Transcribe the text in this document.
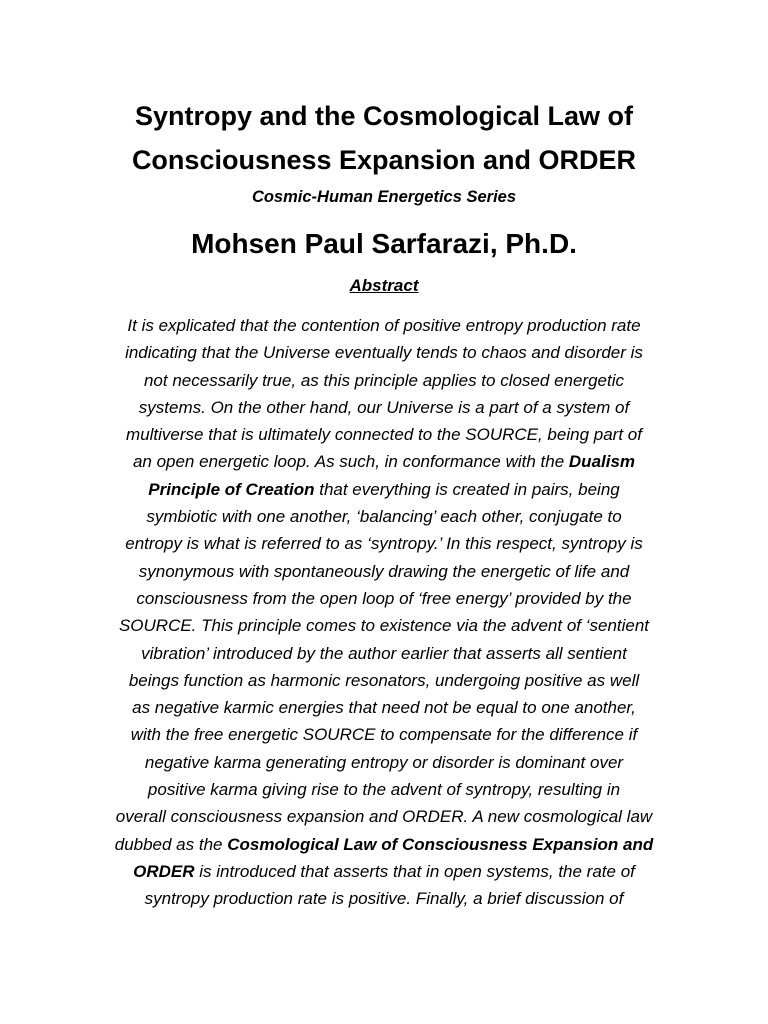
Syntropy and the Cosmological Law of
Consciousness Expansion and ORDER
Cosmic-Human Energetics Series
Mohsen Paul Sarfarazi, Ph.D.
Abstract
It is explicated that the contention of positive entropy production rate
indicating that the Universe eventually tends to chaos and disorder is
not necessarily true, as this principle applies to closed energetic
systems. On the other hand, our Universe is a part of a system of
multiverse that is ultimately connected to the SOURCE, being part of
an open energetic loop. As such, in conformance with the Dualism
Principle of Creation that everything is created in pairs, being
symbiotic with one another, ‘balancing’ each other, conjugate to
entropy is what is referred to as ‘syntropy.’ In this respect, syntropy is
synonymous with spontaneously drawing the energetic of life and
consciousness from the open loop of ‘free energy’ provided by the
SOURCE. This principle comes to existence via the advent of ‘sentient
vibration’ introduced by the author earlier that asserts all sentient
beings function as harmonic resonators, undergoing positive as well
as negative karmic energies that need not be equal to one another,
with the free energetic SOURCE to compensate for the difference if
negative karma generating entropy or disorder is dominant over
positive karma giving rise to the advent of syntropy, resulting in
overall consciousness expansion and ORDER. A new cosmological law
dubbed as the Cosmological Law of Consciousness Expansion and
ORDER is introduced that asserts that in open systems, the rate of
syntropy production rate is positive. Finally, a brief discussion of
